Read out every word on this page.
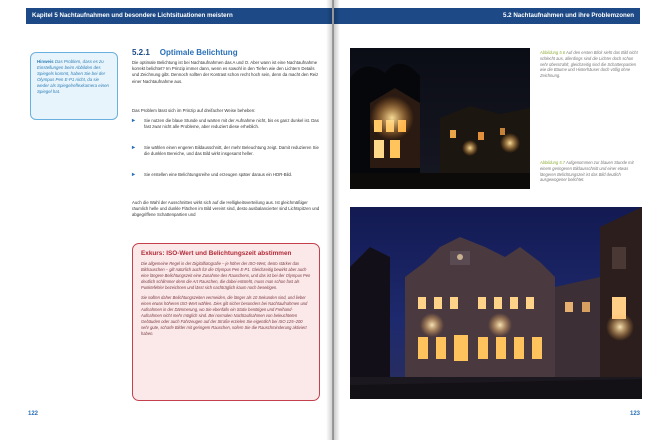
Kapitel 5 Nachtaufnahmen und besondere Lichtsituationen meistern
Hinweis Das Problem, dass es zu Einstellungen beim Abbilden des Spiegels kommt, haben Sie bei der Olympus Pen E-P1 nicht, da sie weder als Spiegelreflexkamera einen Spiegel hat.
5.2.1 Optimale Belichtung
Die optimale Belichtung ist bei Nachtaufnahmen das A und O. Aber wann ist eine Nachtaufnahme korrekt belichtet? Im Prinzip immer dann, wenn es sowohl in den Tiefen wie den Lichtern Details und Zeichnung gibt. Dennoch sollten der Kontrast schon recht hoch sein, denn da macht den Reiz einer Nachtaufnahme aus.
Das Problem lässt sich im Prinzip auf dreifacher Weise beheben:
▸ Sie nutzen die blaue Stunde und warten mit der Aufnahme nicht, bis es ganz dunkel ist. Das fast zwar nicht alle Probleme, aber reduziert diese erheblich.
▸ Sie wählen einen engeren Bildausschnitt, der mehr Beleuchtung zeigt. Damit reduzieren Sie die dunklen Bereiche, und das Bild wirkt insgesamt heller.
▸ Sie erstellen eine Belichtungsreihe und erzeugen später daraus ein HDR-Bild.
Auch die Wahl der Ausschnittes wirkt sich auf die Helligkeitsverteilung aus. Ist gleichmäßiger räumlich helle und dunkle Flächen im Bild vereint sind, desto ausbalancierter sind Lichtspitzen und abgegriffene Schattenpartien und
Exkurs: ISO-Wert und Belichtungszeit abstimmen

Die allgemeine Regel in der Digitalfotografie – je höher der ISO-Wert, desto stärker das Bildrauschen – gilt natürlich auch für die Olympus Pen E-P1. Gleichzeitig bewirkt aber auch eine längere Belichtungszeit eine Zunahme des Rauschens, und das ist bei der Olympus Pen deutlich schlimmer denn die Art Rauschen, die dabei entsteht, muss man schon fast als Punktefehler bezeichnen und lässt sich nachträglich kaum noch beseitigen.

Sie sollten daher Belichtungszeiten vermeiden, die länger als 10 Sekunden sind, und lieber einen etwas höheren ISO-Wert wählen. Dies gilt sicher besonders bei Nachtaufnahmen und Aufnahmen in der Dämmerung, wo Sie ebenfalls ein Stativ benötigen und Freihand-Aufnahmen nicht mehr möglich sind. Bei normalen Nachtaufnahmen von beleuchteten Gebäuden oder auch Fahrzeugen auf der Straße erzielen Sie eigentlich bei ISO 125–200 sehr gute, scharfe Bilder mit geringem Rauschen, sofern Sie die Rauschminderung aktiviert haben.

122
5.2 Nachtaufnahmen und ihre Problemzonen
Abbildung 5.6 Auf den ersten Blick sieht das Bild nicht schlecht aus, allerdings sind die Lichter doch schon sehr überstrahlt, gleichzeitig sind die Schattenpartien wie die Bäume und Hinterhäuser doch völlig ohne Zeichnung.
Abbildung 5.7 Aufgenommen zur blauen Stunde mit einem geringeren Bildausschnitt und einer etwas längeren Belichtungszeit ist das Bild deutlich ausgewogener belichtet.
123
